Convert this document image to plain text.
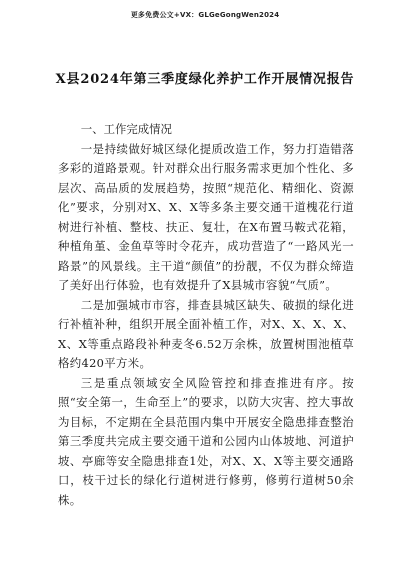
更多免费公文+VX：GLGeGongWen2024
X县2024年第三季度绿化养护工作开展情况报告

一、工作完成情况

一是持续做好城区绿化提质改造工作，努力打造错落多彩的道路景观。针对群众出行服务需求更加个性化、多层次、高品质的发展趋势，按照“规范化、精细化、资源化”要求，分别对X、X、X等多条主要交通干道槐花行道树进行补植、整枝、扶正、复壮，在X布置马鞍式花箱，种植角堇、金鱼草等时令花卉，成功营造了“一路风光一路景”的风景线。主干道“颜值”的扮靓，不仅为群众缔造了美好出行体验，也有效提升了X县城市容貌“气质”。

二是加强城市市容，排查县城区缺失、破损的绿化进行补植补种，组织开展全面补植工作，对X、X、X、X、X、X等重点路段补种麦冬6.52万余株，放置树围池植草格约420平方米。

三是重点领域安全风险管控和排查推进有序。按照“安全第一，生命至上”的要求，以防大灾害、控大事故为目标，不定期在全县范围内集中开展安全隐患排查整治第三季度共完成主要交通干道和公园内山体坡地、河道护坡、亭廊等安全隐患排查1处，对X、X、X等主要交通路口，枝干过长的绿化行道树进行修剪，修剪行道树50余株。
